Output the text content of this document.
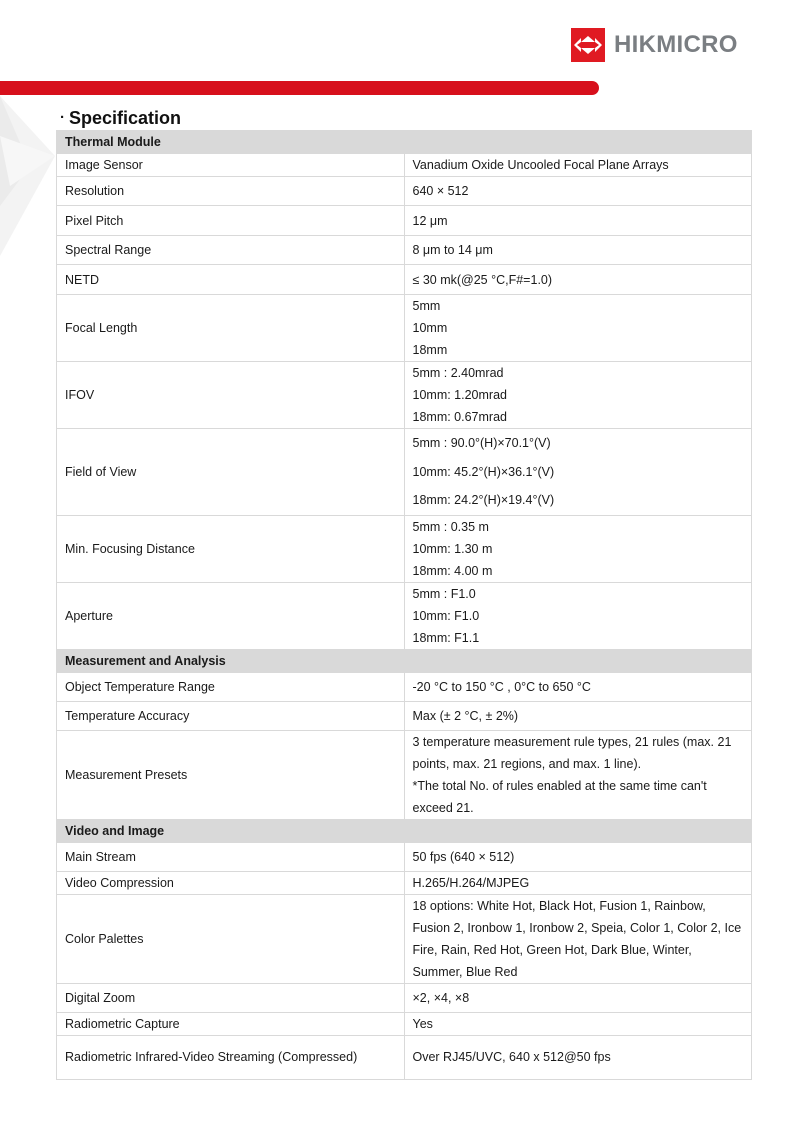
HIKMICRO
· Specification
Thermal Module	
Image Sensor	Vanadium Oxide Uncooled Focal Plane Arrays

Resolution	640 × 512

Pixel Pitch	12 μm

Spectral Range	8 μm to 14 μm

NETD	≤ 30 mk(@25 °C,F#=1.0)

Focal Length	5mm
10mm
18mm

IFOV	5mm : 2.40mrad
10mm: 1.20mrad
18mm: 0.67mrad

Field of View	5mm : 90.0°(H)×70.1°(V)
10mm: 45.2°(H)×36.1°(V)
18mm: 24.2°(H)×19.4°(V)

Min. Focusing Distance	5mm : 0.35 m
10mm: 1.30 m
18mm: 4.00 m

Aperture	5mm : F1.0
10mm: F1.0
18mm: F1.1

Measurement and Analysis	
Object Temperature Range	-20 °C to 150 °C , 0°C to 650 °C

Temperature Accuracy	Max (± 2 °C, ± 2%)

Measurement Presets	3 temperature measurement rule types, 21 rules (max. 21 points, max. 21 regions, and max. 1 line).
*The total No. of rules enabled at the same time can't exceed 21.

Video and Image	
Main Stream	50 fps (640 × 512)

Video Compression	H.265/H.264/MJPEG

Color Palettes	18 options: White Hot, Black Hot, Fusion 1, Rainbow, Fusion 2, Ironbow 1, Ironbow 2, Speia, Color 1, Color 2, Ice Fire, Rain, Red Hot, Green Hot, Dark Blue, Winter, Summer, Blue Red

Digital Zoom	×2, ×4, ×8

Radiometric Capture	Yes

Radiometric Infrared-Video Streaming (Compressed)	Over RJ45/UVC, 640 x 512@50 fps
